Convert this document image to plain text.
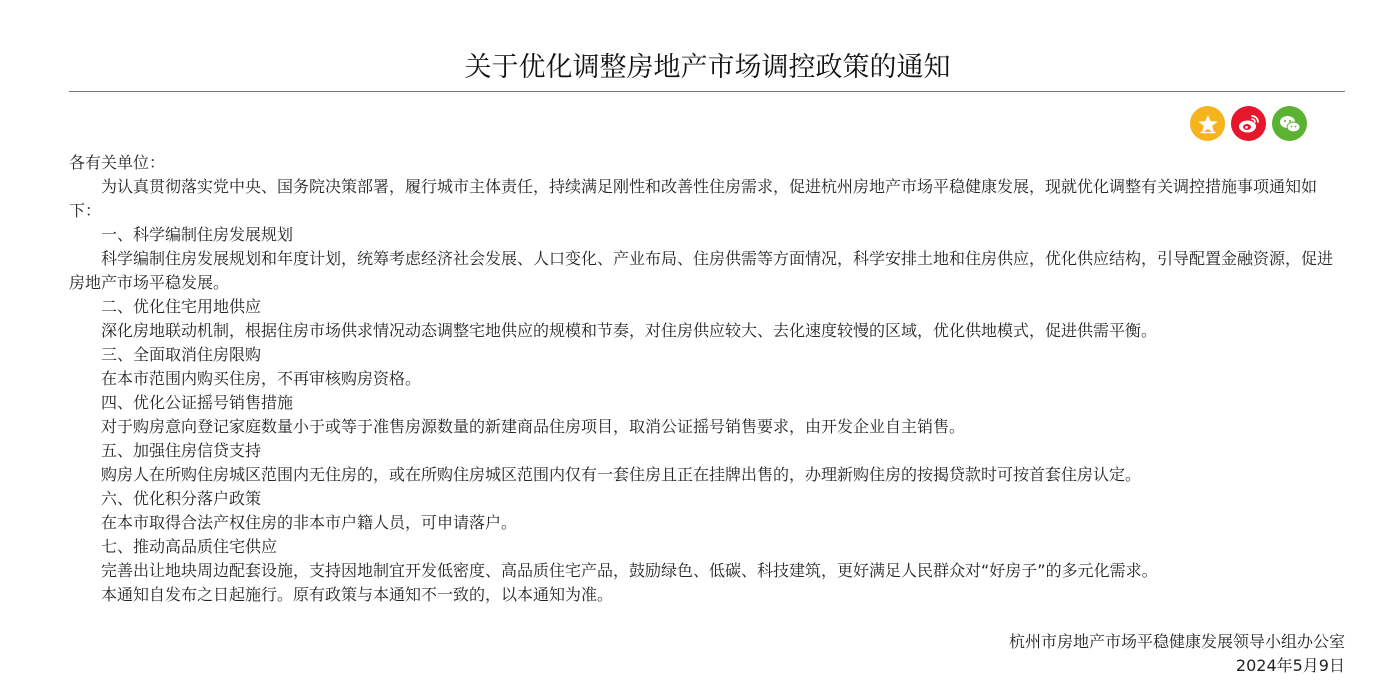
关于优化调整房地产市场调控政策的通知

各有关单位：

为认真贯彻落实党中央、国务院决策部署，履行城市主体责任，持续满足刚性和改善性住房需求，促进杭州房地产市场平稳健康发展，现就优化调整有关调控措施事项通知如下：

一、科学编制住房发展规划

科学编制住房发展规划和年度计划，统筹考虑经济社会发展、人口变化、产业布局、住房供需等方面情况，科学安排土地和住房供应，优化供应结构，引导配置金融资源，促进房地产市场平稳发展。

二、优化住宅用地供应

深化房地联动机制，根据住房市场供求情况动态调整宅地供应的规模和节奏，对住房供应较大、去化速度较慢的区域，优化供地模式，促进供需平衡。

三、全面取消住房限购

在本市范围内购买住房，不再审核购房资格。

四、优化公证摇号销售措施

对于购房意向登记家庭数量小于或等于准售房源数量的新建商品住房项目，取消公证摇号销售要求，由开发企业自主销售。

五、加强住房信贷支持

购房人在所购住房城区范围内无住房的，或在所购住房城区范围内仅有一套住房且正在挂牌出售的，办理新购住房的按揭贷款时可按首套住房认定。

六、优化积分落户政策

在本市取得合法产权住房的非本市户籍人员，可申请落户。

七、推动高品质住宅供应

完善出让地块周边配套设施，支持因地制宜开发低密度、高品质住宅产品，鼓励绿色、低碳、科技建筑，更好满足人民群众对“好房子”的多元化需求。

本通知自发布之日起施行。原有政策与本通知不一致的，以本通知为准。

杭州市房地产市场平稳健康发展领导小组办公室
2024年5月9日
